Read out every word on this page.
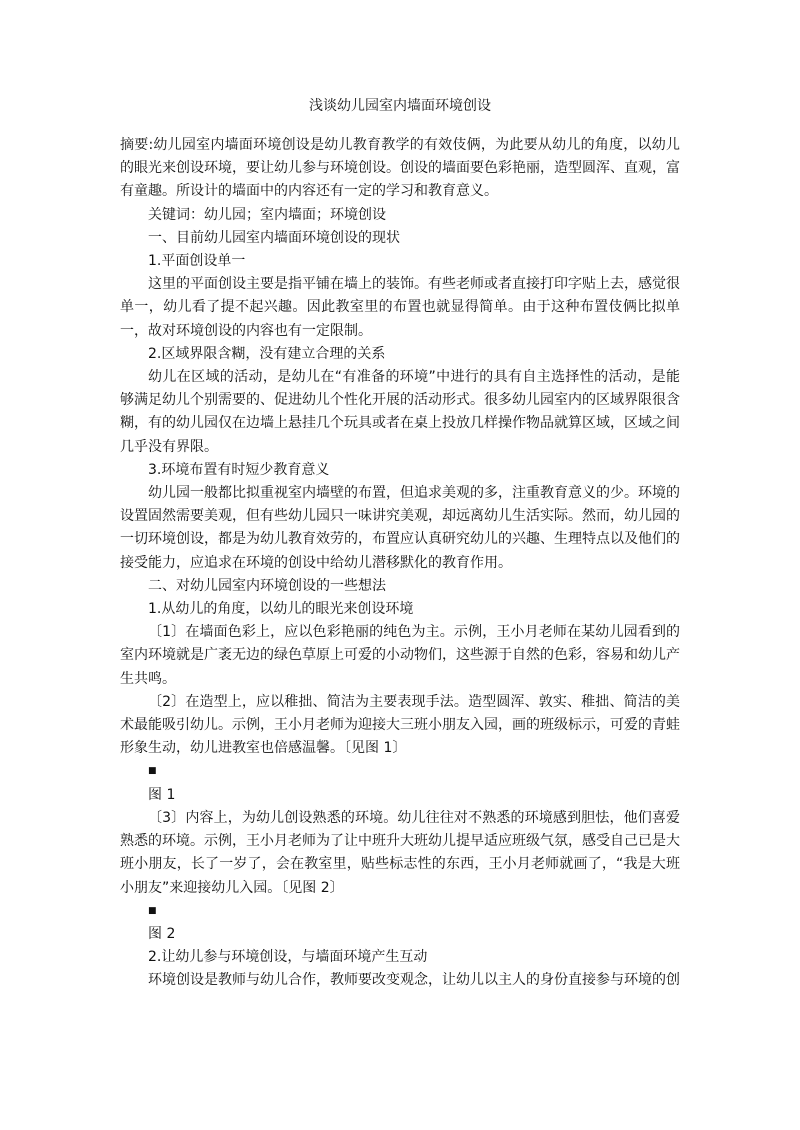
浅谈幼儿园室内墙面环境创设

摘要:幼儿园室内墙面环境创设是幼儿教育教学的有效伎俩，为此要从幼儿的角度，以幼儿的眼光来创设环境，要让幼儿参与环境创设。创设的墙面要色彩艳丽，造型圆浑、直观，富有童趣。所设计的墙面中的内容还有一定的学习和教育意义。

关键词：幼儿园；室内墙面；环境创设

一、目前幼儿园室内墙面环境创设的现状

1.平面创设单一

这里的平面创设主要是指平铺在墙上的装饰。有些老师或者直接打印字贴上去，感觉很单一，幼儿看了提不起兴趣。因此教室里的布置也就显得简单。由于这种布置伎俩比拟单一，故对环境创设的内容也有一定限制。

2.区域界限含糊，没有建立合理的关系

幼儿在区域的活动，是幼儿在“有准备的环境”中进行的具有自主选择性的活动，是能够满足幼儿个别需要的、促进幼儿个性化开展的活动形式。很多幼儿园室内的区域界限很含糊，有的幼儿园仅在边墙上悬挂几个玩具或者在桌上投放几样操作物品就算区域，区域之间几乎没有界限。

3.环境布置有时短少教育意义

幼儿园一般都比拟重视室内墙壁的布置，但追求美观的多，注重教育意义的少。环境的设置固然需要美观，但有些幼儿园只一味讲究美观，却远离幼儿生活实际。然而，幼儿园的一切环境创设，都是为幼儿教育效劳的，布置应认真研究幼儿的兴趣、生理特点以及他们的接受能力，应追求在环境的创设中给幼儿潜移默化的教育作用。

二、对幼儿园室内环境创设的一些想法

1.从幼儿的角度，以幼儿的眼光来创设环境

〔1〕在墙面色彩上，应以色彩艳丽的纯色为主。示例，王小月老师在某幼儿园看到的室内环境就是广袤无边的绿色草原上可爱的小动物们，这些源于自然的色彩，容易和幼儿产生共鸣。

〔2〕在造型上，应以稚拙、简洁为主要表现手法。造型圆浑、敦实、稚拙、简洁的美术最能吸引幼儿。示例，王小月老师为迎接大三班小朋友入园，画的班级标示，可爱的青蛙形象生动，幼儿进教室也倍感温馨。〔见图 1〕

■

图 1

〔3〕内容上，为幼儿创设熟悉的环境。幼儿往往对不熟悉的环境感到胆怯，他们喜爱熟悉的环境。示例，王小月老师为了让中班升大班幼儿提早适应班级气氛，感受自己已是大班小朋友，长了一岁了，会在教室里，贴些标志性的东西，王小月老师就画了，“我是大班小朋友”来迎接幼儿入园。〔见图 2〕

■

图 2

2.让幼儿参与环境创设，与墙面环境产生互动

环境创设是教师与幼儿合作，教师要改变观念，让幼儿以主人的身份直接参与环境的创
